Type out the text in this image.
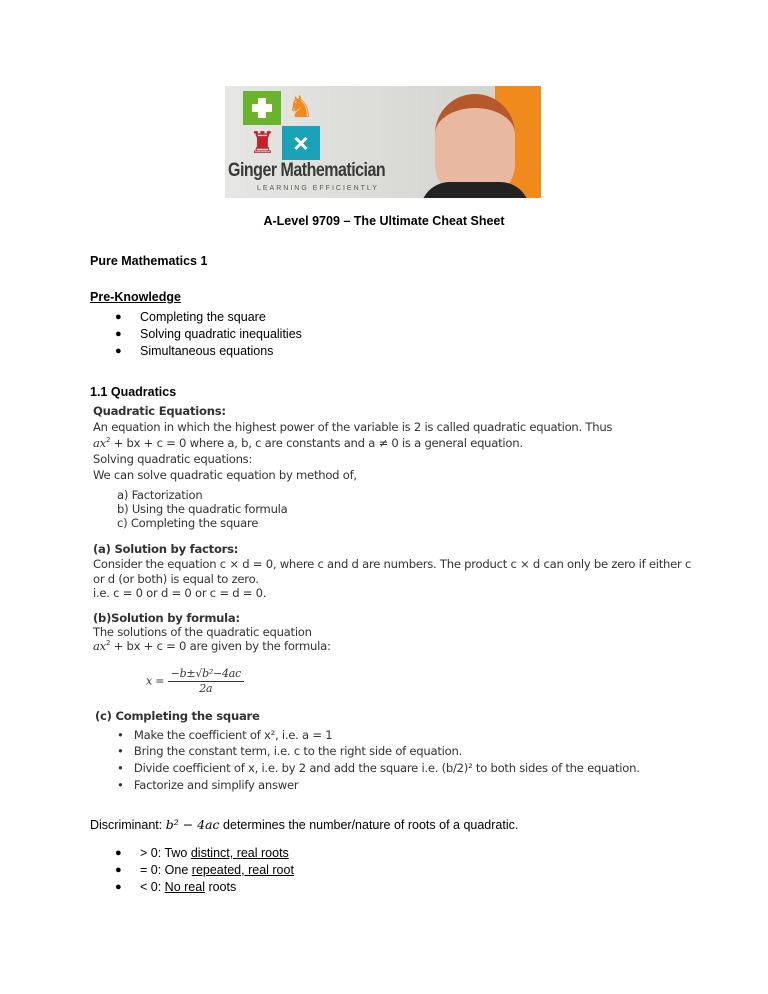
♞
♜ ×
Ginger Mathematician
LEARNING EFFICIENTLY
A-Level 9709 – The Ultimate Cheat Sheet
Pure Mathematics 1
Pre-Knowledge
● Completing the square
● Solving quadratic inequalities
● Simultaneous equations
1.1 Quadratics
Quadratic Equations:
An equation in which the highest power of the variable is 2 is called quadratic equation. Thus
$ax^2$ + bx + c = 0 where a, b, c are constants and a ≠ 0 is a general equation.
Solving quadratic equations:
We can solve quadratic equation by method of,
a) Factorization
b) Using the quadratic formula
c) Completing the square
(a) Solution by factors:
Consider the equation c × d = 0, where c and d are numbers. The product c × d can only be zero if either c
or d (or both) is equal to zero.
i.e. c = 0 or d = 0 or c = d = 0.
(b)Solution by formula:
The solutions of the quadratic equation
$ax^2$ + bx + c = 0 are given by the formula:
$x = \frac{\text{−b±√b²−4ac}}{2a}$
(c) Completing the square
•   Make the coefficient of x², i.e. a = 1
•   Bring the constant term, i.e. c to the right side of equation.
•   Divide coefficient of x, i.e. by 2 and add the square i.e. (b/2)² to both sides of the equation.
•   Factorize and simplify answer
Discriminant: b² − 4ac determines the number/nature of roots of a quadratic.
● > 0: Two distinct, real roots
● = 0: One repeated, real root
● < 0: No real roots
